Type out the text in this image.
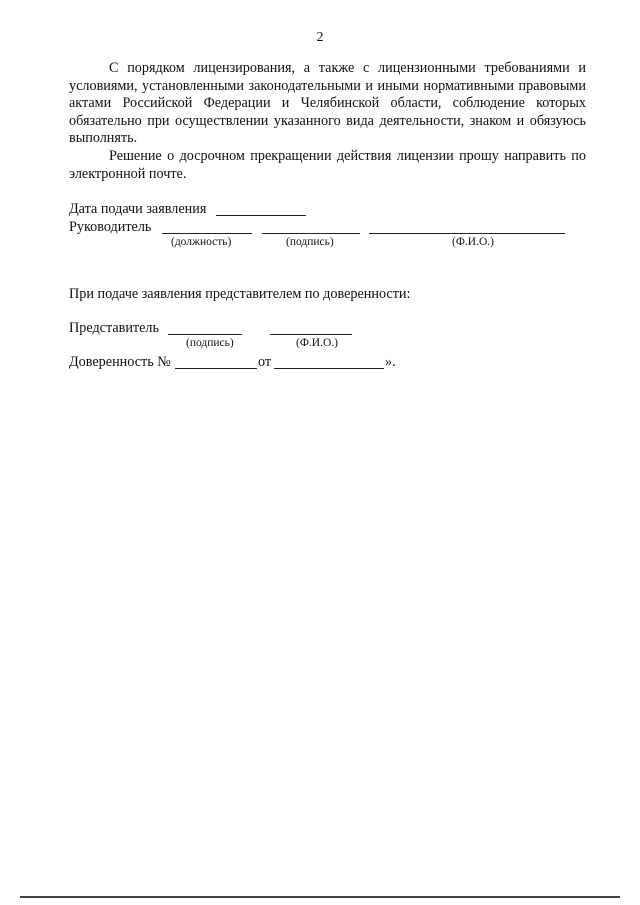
2

С порядком лицензирования, а также с лицензионными требованиями и условиями, установленными законодательными и иными нормативными правовыми актами Российской Федерации и Челябинской области, соблюдение которых обязательно при осуществлении указанного вида деятельности, знаком и обязуюсь выполнять.

Решение о досрочном прекращении действия лицензии прошу направить по электронной почте.

Дата подачи заявления
Руководитель
(должность)	(подпись)	(Ф.И.О.)
При подаче заявления представителем по доверенности:
Представитель
(подпись)	(Ф.И.О.)
Доверенность №	от	».
